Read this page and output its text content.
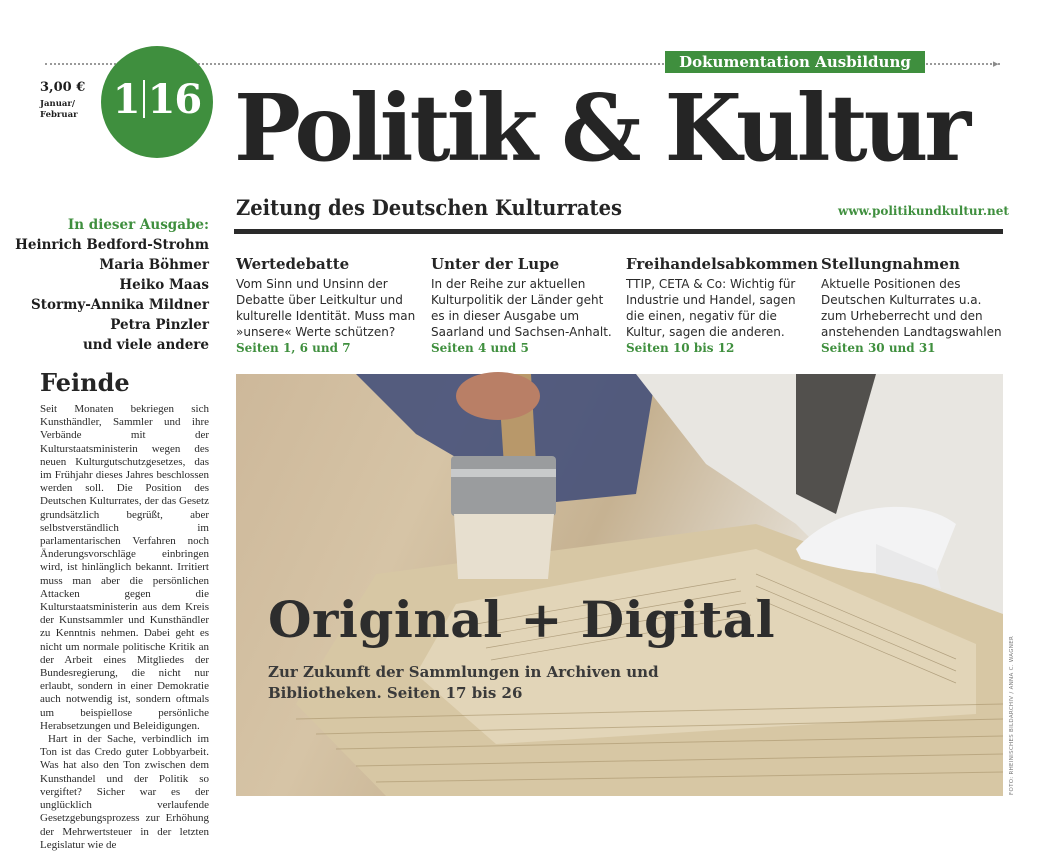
▸
Dokumentation Ausbildung
3,00 €
Januar/
Februar 1 16 Politik & Kultur
Zeitung des Deutschen Kulturrates	www.politikundkultur.net
In dieser Ausgabe:
Heinrich Bedford-Strohm
Maria Böhmer
Heiko Maas
Stormy-Annika Mildner
Petra Pinzler
und viele andere
Wertedebatte

Vom Sinn und Unsinn der Debatte über Leitkultur und kulturelle Identität. Muss man »unsere« Werte schützen?

Seiten 1, 6 und 7
Unter der Lupe

In der Reihe zur aktuellen Kulturpolitik der Länder geht es in dieser Ausgabe um Saarland und Sachsen-Anhalt.

Seiten 4 und 5
Freihandelsabkommen

TTIP, CETA & Co: Wichtig für Industrie und Handel, sagen die einen, negativ für die Kultur, sagen die anderen.

Seiten 10 bis 12
Stellungnahmen

Aktuelle Positionen des Deutschen Kulturrates u.a. zum Urheberrecht und den anstehenden Landtagswahlen

Seiten 30 und 31
Feinde

Seit Monaten bekriegen sich Kunsthändler, Sammler und ihre Verbände mit der Kulturstaatsministerin wegen des neuen Kulturgutschutzgesetzes, das im Frühjahr dieses Jahres beschlossen werden soll. Die Position des Deutschen Kulturrates, der das Gesetz grundsätzlich begrüßt, aber selbstverständlich im parlamentarischen Verfahren noch Änderungsvorschläge einbringen wird, ist hinlänglich bekannt. Irritiert muss man aber die persönlichen Attacken gegen die Kulturstaatsministerin aus dem Kreis der Kunstsammler und Kunsthändler zu Kenntnis nehmen. Dabei geht es nicht um normale politische Kritik an der Arbeit eines Mitgliedes der Bundesregierung, die nicht nur erlaubt, sondern in einer Demokratie auch notwendig ist, sondern oftmals um beispiellose persönliche Herabsetzungen und Beleidigungen.

Hart in der Sache, verbindlich im Ton ist das Credo guter Lobbyarbeit. Was hat also den Ton zwischen dem Kunsthandel und der Politik so vergiftet? Sicher war es der unglücklich verlaufende Gesetzgebungsprozess zur Erhöhung der Mehrwertsteuer in der letzten Legislatur wie de

Original + Digital
Zur Zukunft der Sammlungen in Archiven und Bibliotheken. Seiten 17 bis 26	FOTO: RHEINISCHES BILDARCHIV / ANNA C. WAGNER
